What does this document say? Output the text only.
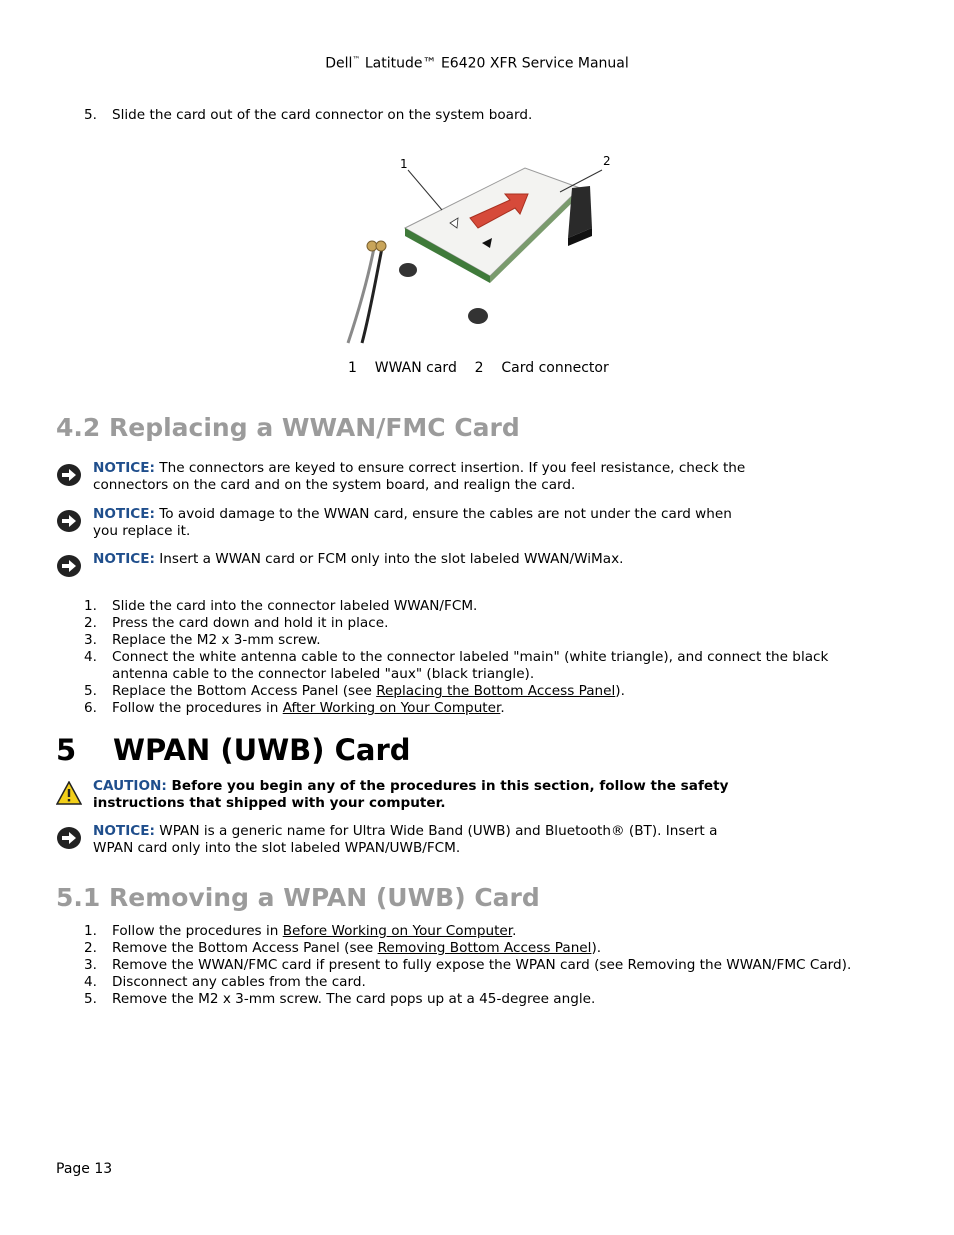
Dell™ Latitude™ E6420 XFR Service Manual
5. Slide the card out of the card connector on the system board.
1	2
1 WWAN card 2 Card connector
4.2 Replacing a WWAN/FMC Card
NOTICE: The connectors are keyed to ensure correct insertion. If you feel resistance, check the
connectors on the card and on the system board, and realign the card.
NOTICE: To avoid damage to the WWAN card, ensure the cables are not under the card when
you replace it.
NOTICE: Insert a WWAN card or FCM only into the slot labeled WWAN/WiMax.
1. Slide the card into the connector labeled WWAN/FCM.
2. Press the card down and hold it in place.
3. Replace the M2 x 3-mm screw.
4. Connect the white antenna cable to the connector labeled "main" (white triangle), and connect the black
antenna cable to the connector labeled "aux" (black triangle).
5. Replace the Bottom Access Panel (see Replacing the Bottom Access Panel).
6. Follow the procedures in After Working on Your Computer.
5 WPAN (UWB) Card
CAUTION: Before you begin any of the procedures in this section, follow the safety
instructions that shipped with your computer.
NOTICE: WPAN is a generic name for Ultra Wide Band (UWB) and Bluetooth® (BT). Insert a
WPAN card only into the slot labeled WPAN/UWB/FCM.
5.1 Removing a WPAN (UWB) Card
1. Follow the procedures in Before Working on Your Computer.
2. Remove the Bottom Access Panel (see Removing Bottom Access Panel).
3. Remove the WWAN/FMC card if present to fully expose the WPAN card (see Removing the WWAN/FMC Card).
4. Disconnect any cables from the card.
5. Remove the M2 x 3-mm screw. The card pops up at a 45-degree angle.
Page 13
